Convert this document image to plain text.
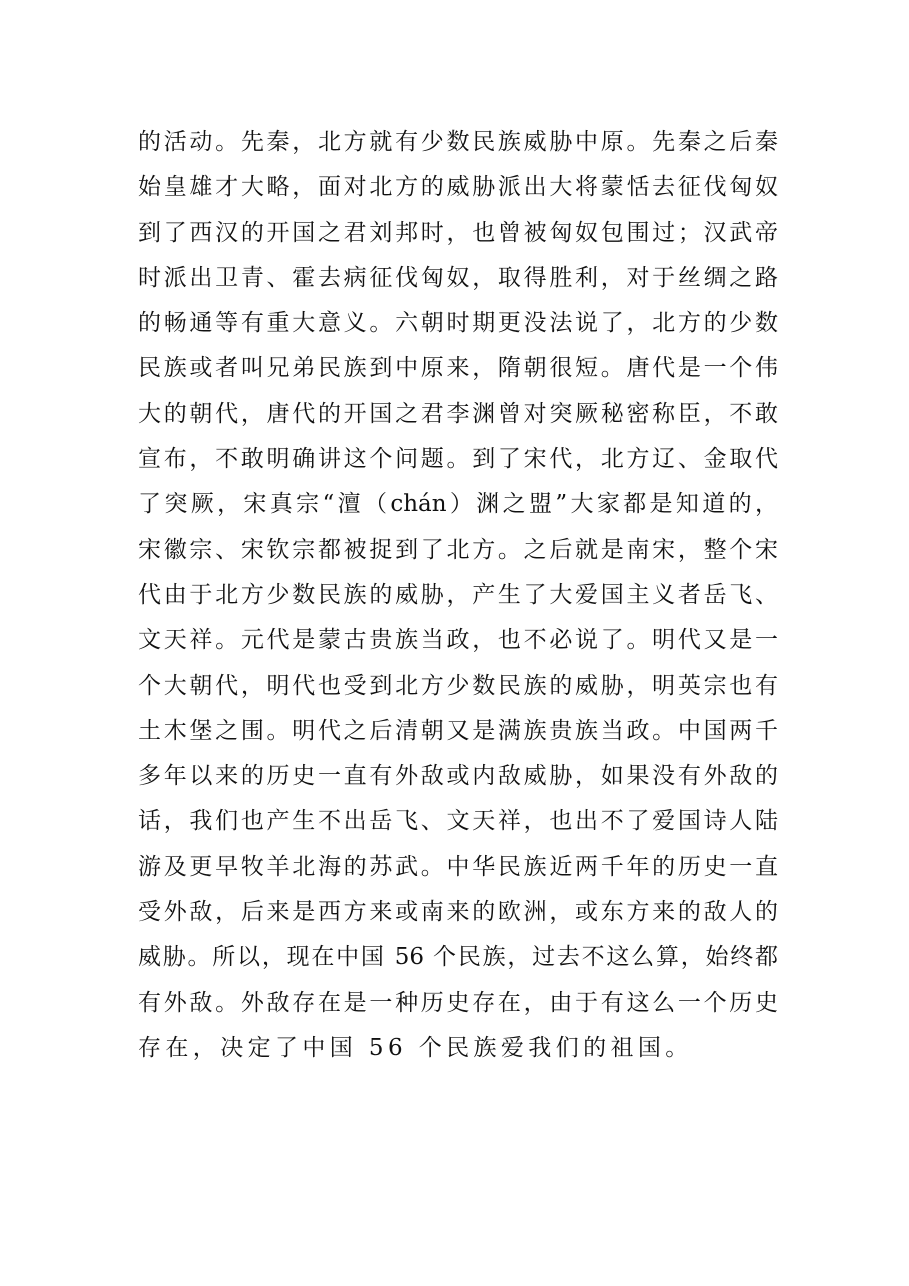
的活动。先秦，北方就有少数民族威胁中原。先秦之后秦
始皇雄才大略，面对北方的威胁派出大将蒙恬去征伐匈奴
到了西汉的开国之君刘邦时，也曾被匈奴包围过；汉武帝
时派出卫青、霍去病征伐匈奴，取得胜利，对于丝绸之路
的畅通等有重大意义。六朝时期更没法说了，北方的少数
民族或者叫兄弟民族到中原来，隋朝很短。唐代是一个伟
大的朝代，唐代的开国之君李渊曾对突厥秘密称臣，不敢
宣布，不敢明确讲这个问题。到了宋代，北方辽、金取代
了突厥，宋真宗“澶（chán）渊之盟”大家都是知道的，
宋徽宗、宋钦宗都被捉到了北方。之后就是南宋，整个宋
代由于北方少数民族的威胁，产生了大爱国主义者岳飞、
文天祥。元代是蒙古贵族当政，也不必说了。明代又是一
个大朝代，明代也受到北方少数民族的威胁，明英宗也有
土木堡之围。明代之后清朝又是满族贵族当政。中国两千
多年以来的历史一直有外敌或内敌威胁，如果没有外敌的
话，我们也产生不出岳飞、文天祥，也出不了爱国诗人陆
游及更早牧羊北海的苏武。中华民族近两千年的历史一直
受外敌，后来是西方来或南来的欧洲，或东方来的敌人的
威胁。所以，现在中国 56 个民族，过去不这么算，始终都
有外敌。外敌存在是一种历史存在，由于有这么一个历史
存在，决定了中国 56 个民族爱我们的祖国。
